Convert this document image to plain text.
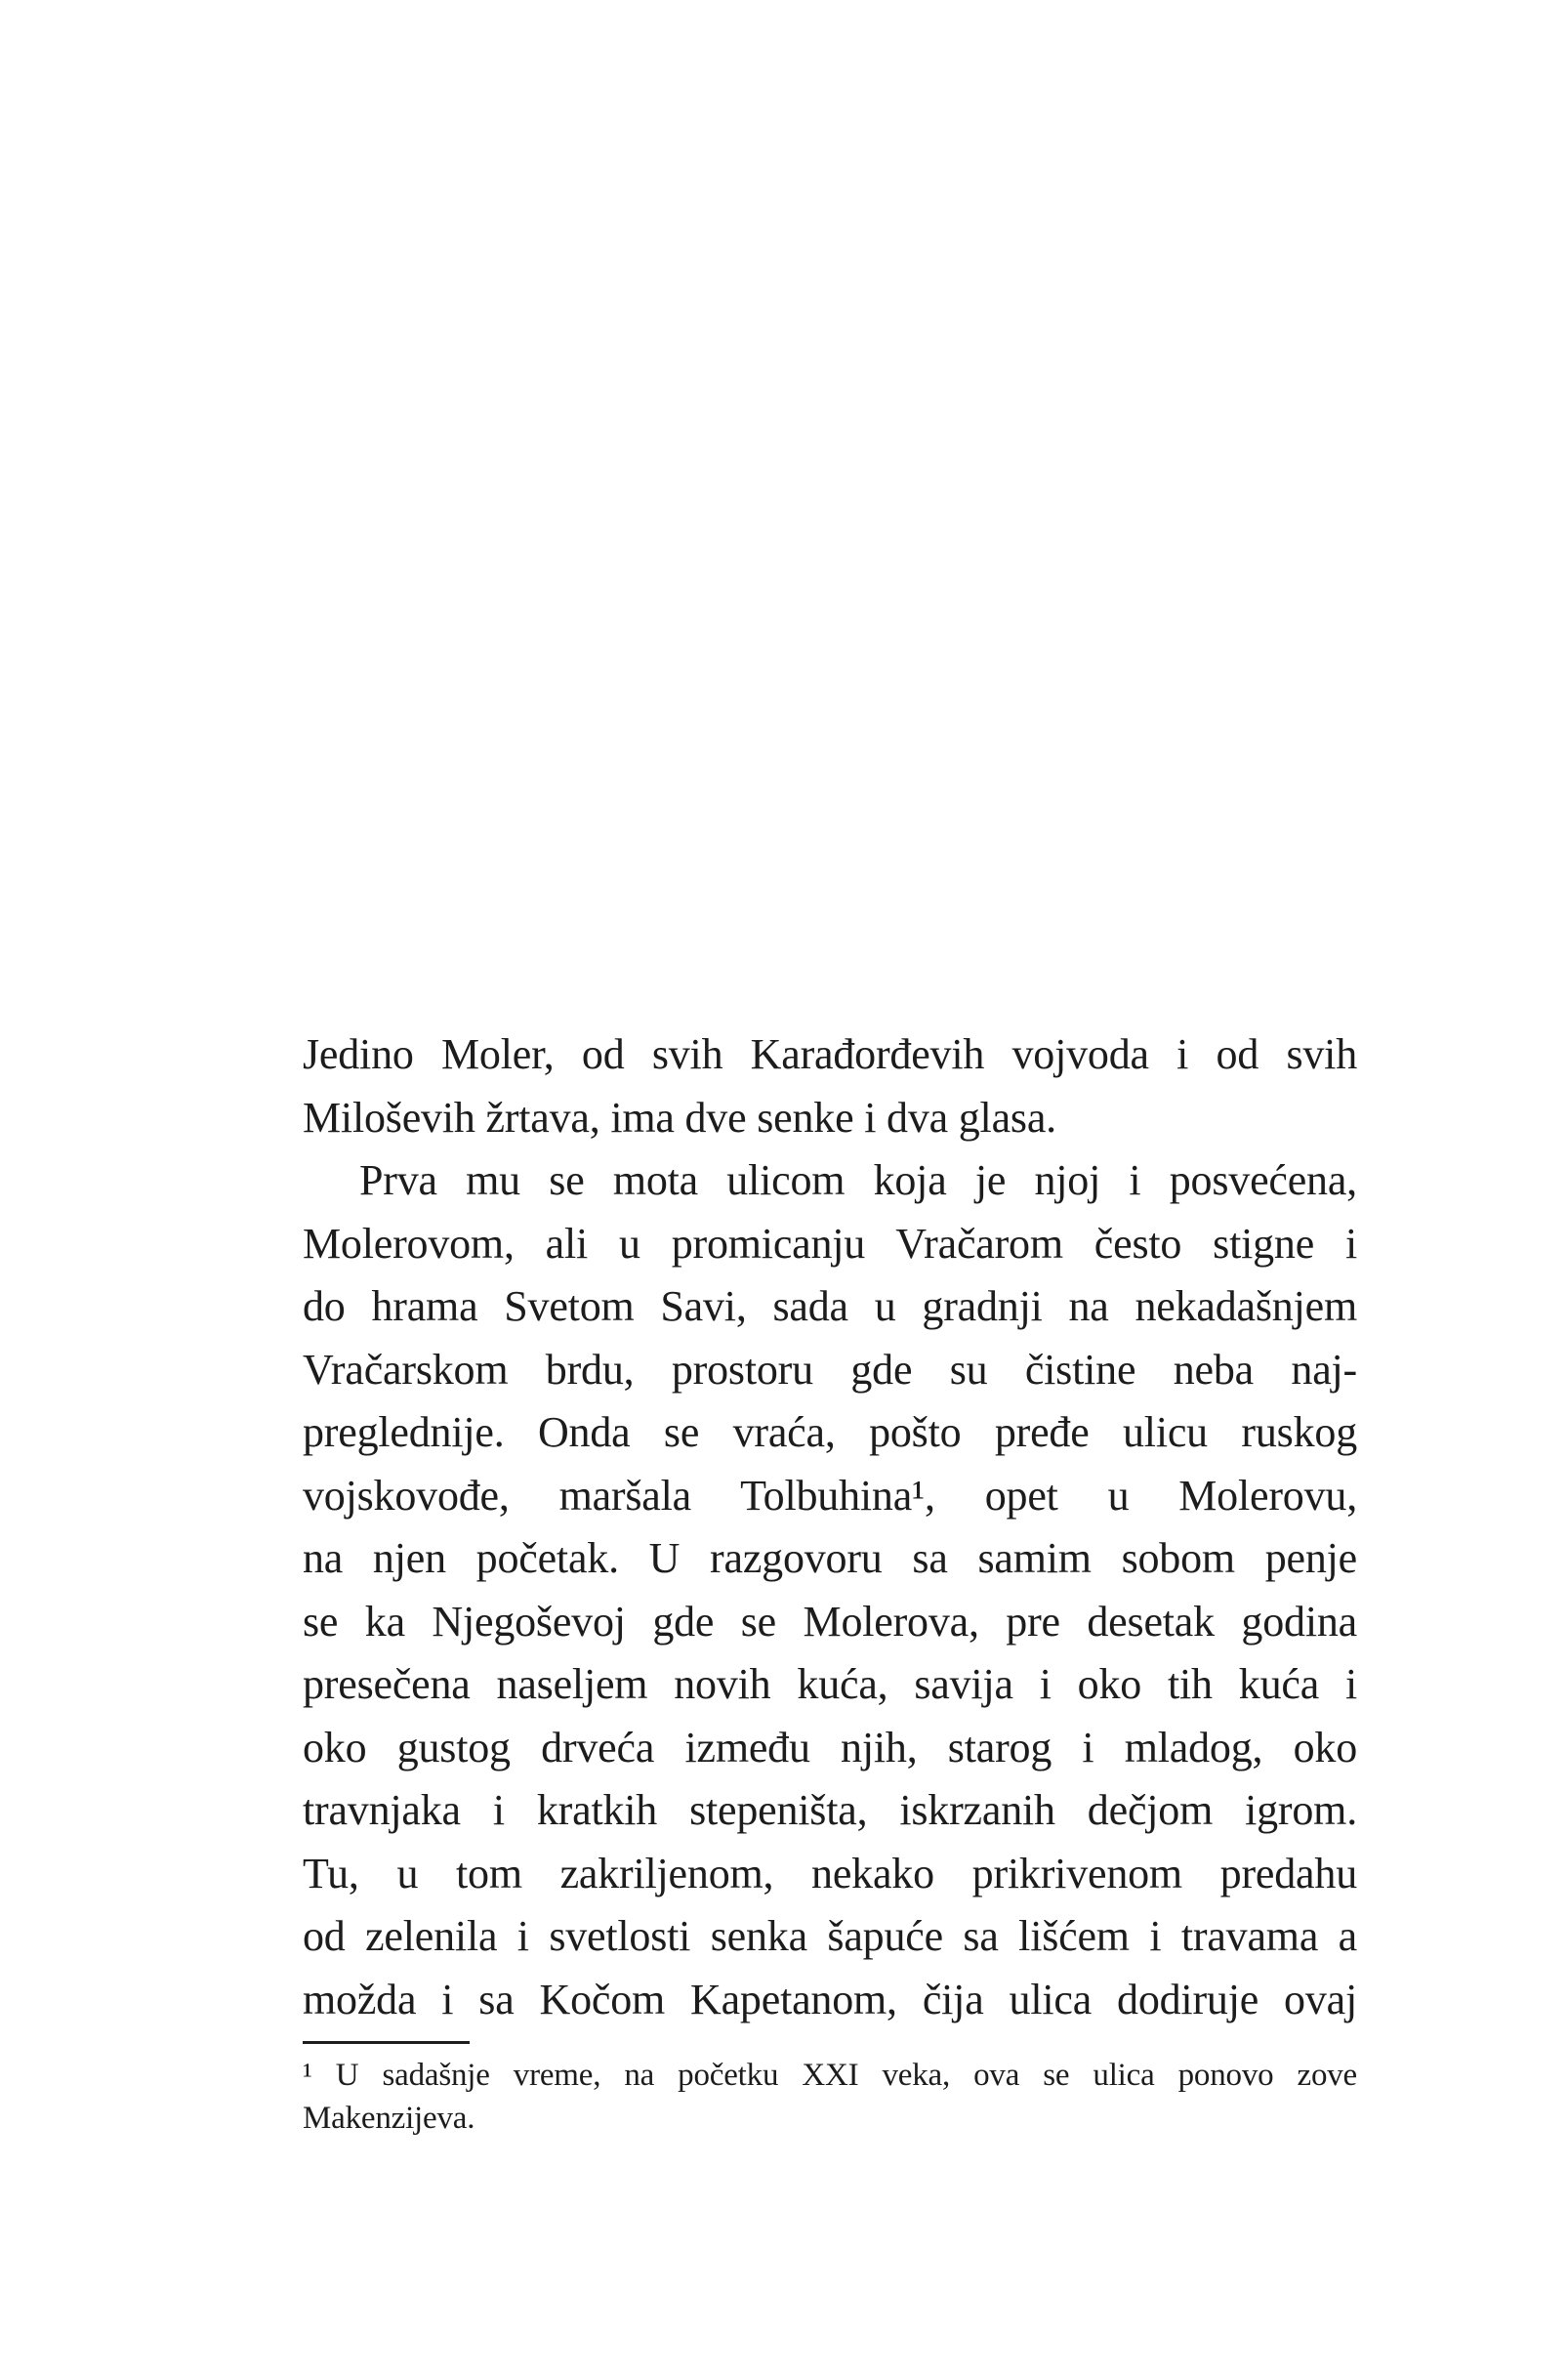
Jedino Moler, od svih Karađorđevih vojvoda i od svih
Miloševih žrtava, ima dve senke i dva glasa.
Prva mu se mota ulicom koja je njoj i posvećena,
Molerovom, ali u promicanju Vračarom često stigne i
do hrama Svetom Savi, sada u gradnji na nekadašnjem
Vračarskom brdu, prostoru gde su čistine neba naj-
preglednije. Onda se vraća, pošto pređe ulicu ruskog
vojskovođe, maršala Tolbuhina¹, opet u Molerovu,
na njen početak. U razgovoru sa samim sobom penje
se ka Njegoševoj gde se Molerova, pre desetak godina
presečena naseljem novih kuća, savija i oko tih kuća i
oko gustog drveća između njih, starog i mladog, oko
travnjaka i kratkih stepeništa, iskrzanih dečjom igrom.
Tu, u tom zakriljenom, nekako prikrivenom predahu
od zelenila i svetlosti senka šapuće sa lišćem i travama a
možda i sa Kočom Kapetanom, čija ulica dodiruje ovaj
¹ U sadašnje vreme, na početku XXI veka, ova se ulica ponovo zove
Makenzijeva.
